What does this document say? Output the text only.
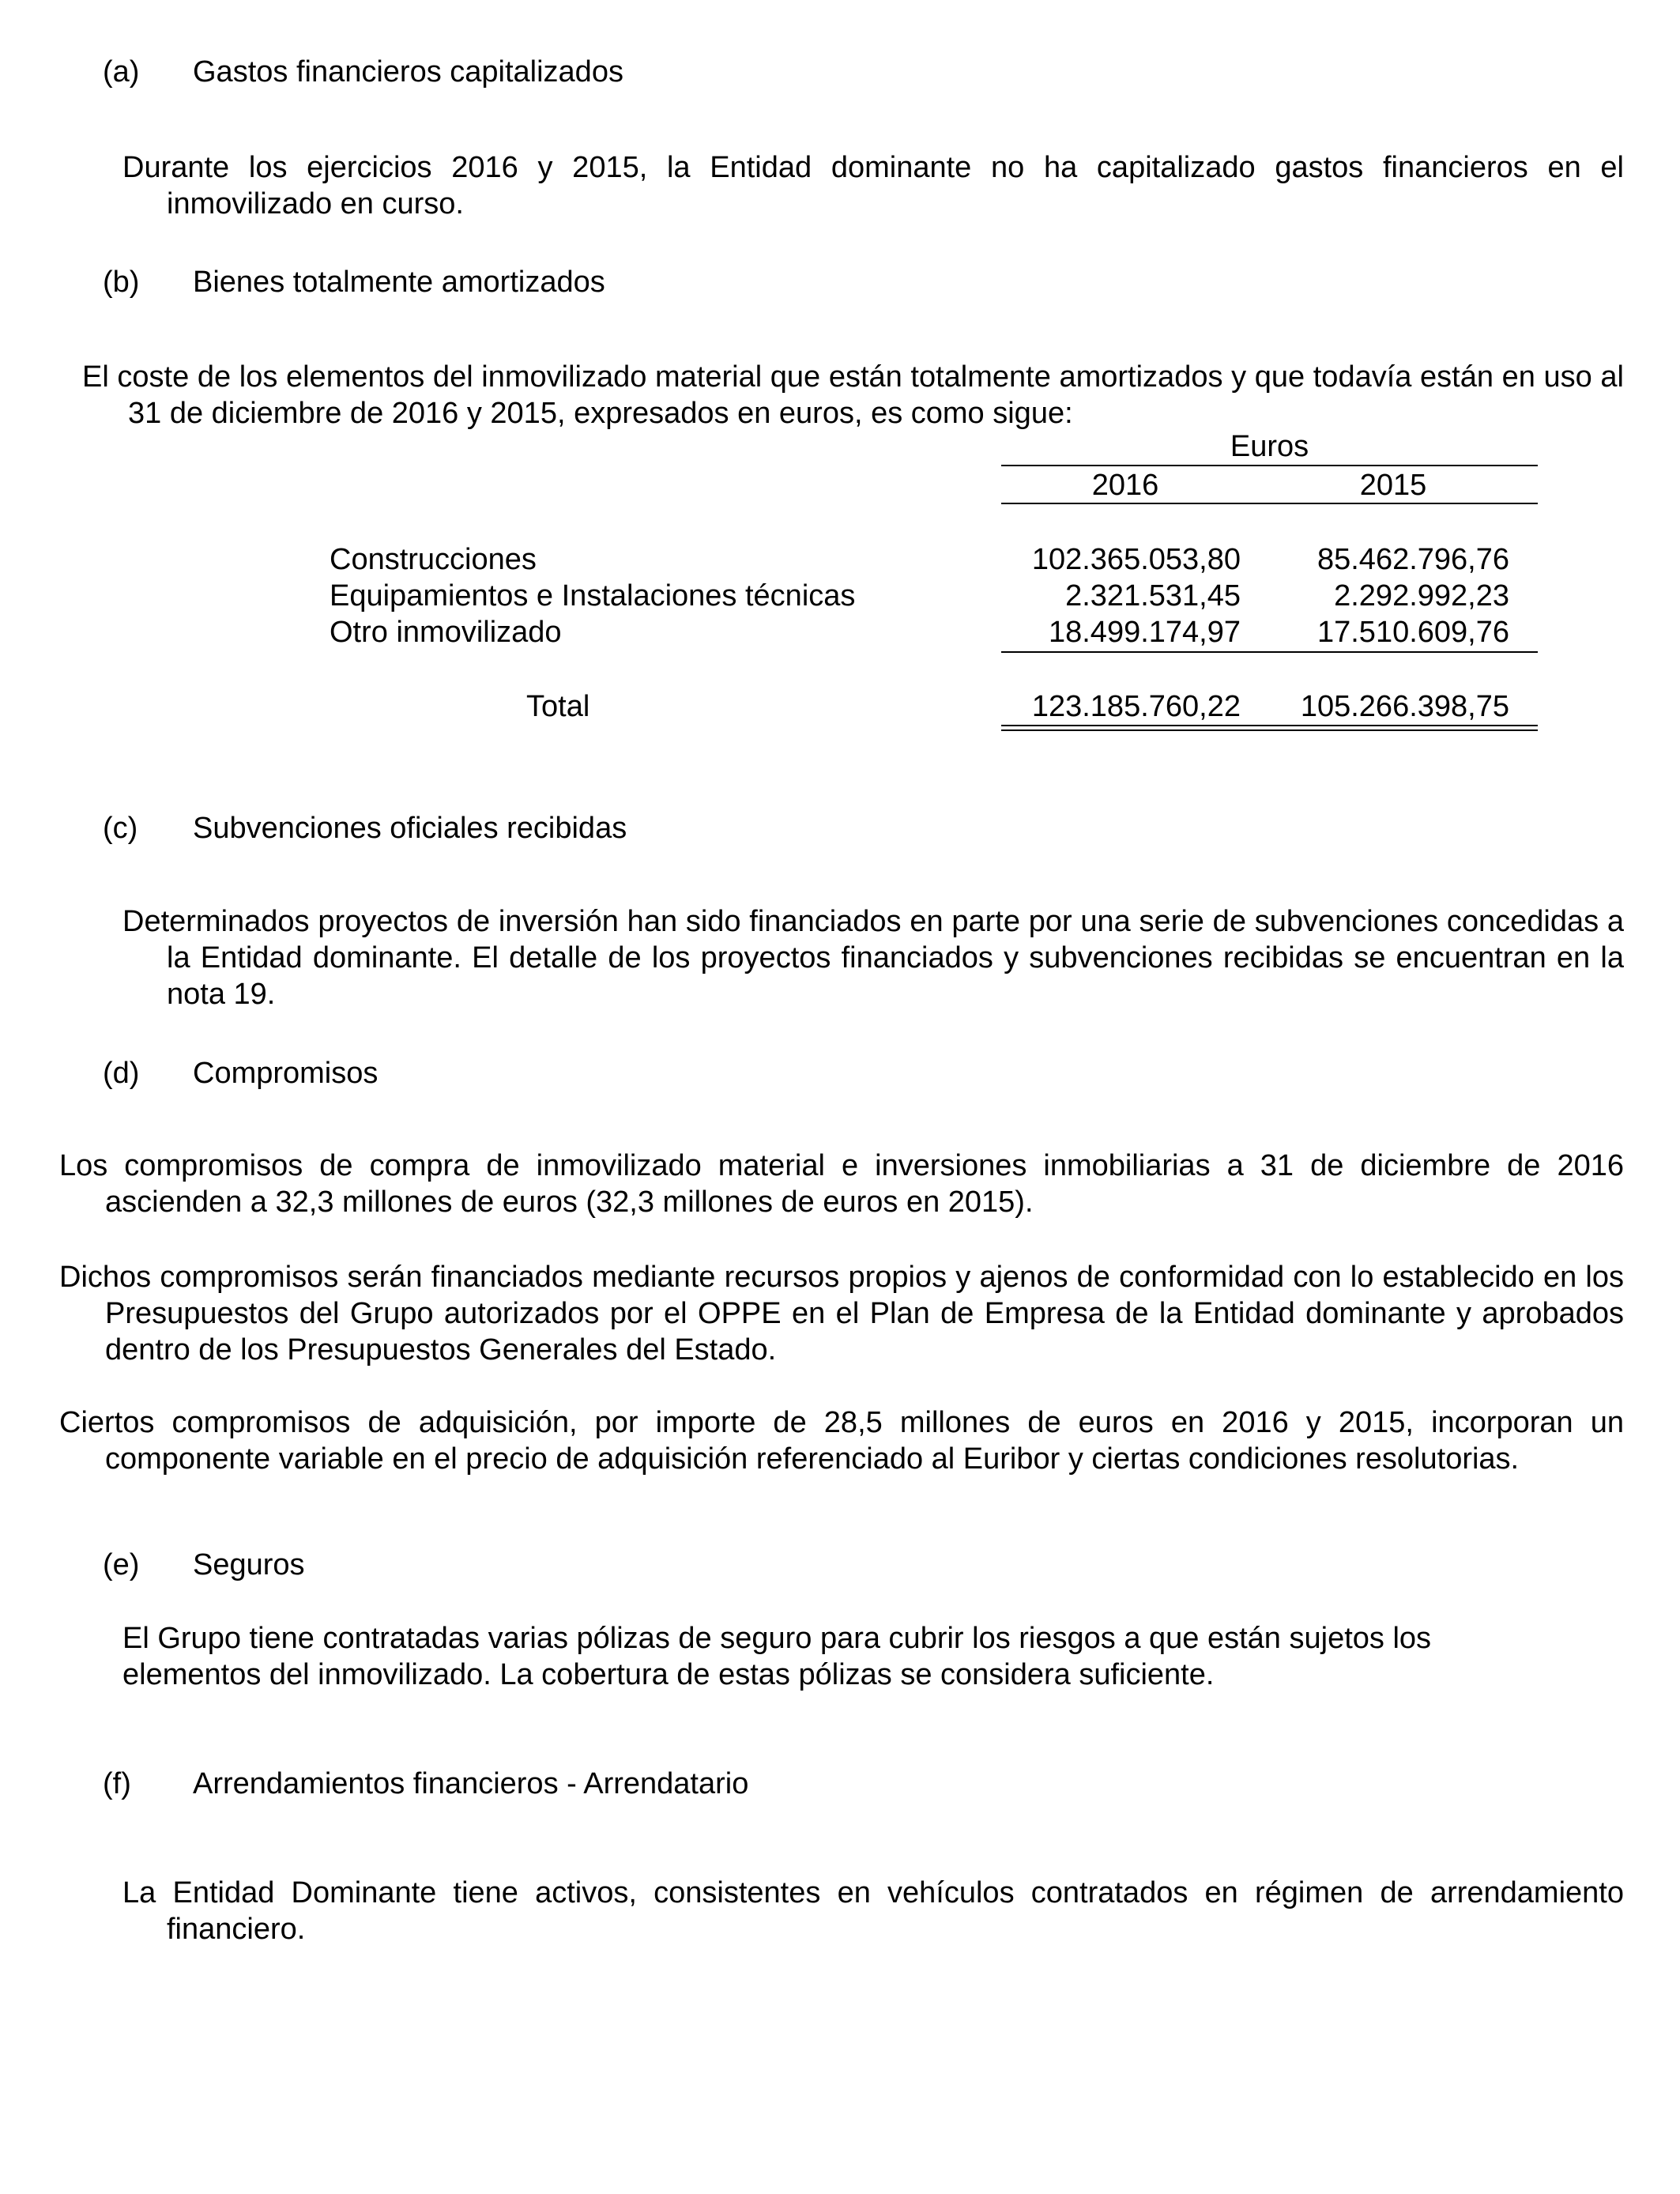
(a) Gastos financieros capitalizados
Durante los ejercicios 2016 y 2015, la Entidad dominante no ha capitalizado gastos financieros en el inmovilizado en curso.
(b) Bienes totalmente amortizados
El coste de los elementos del inmovilizado material que están totalmente amortizados y que todavía están en uso al 31 de diciembre de 2016 y 2015, expresados en euros, es como sigue:
Euros
2016	2015
Construcciones	102.365.053,80	85.462.796,76
Equipamientos e Instalaciones técnicas	2.321.531,45	2.292.992,23
Otro inmovilizado	18.499.174,97	17.510.609,76
Total	123.185.760,22	105.266.398,75
(c) Subvenciones oficiales recibidas
Determinados proyectos de inversión han sido financiados en parte por una serie de subvenciones concedidas a la Entidad dominante. El detalle de los proyectos financiados y subvenciones recibidas se encuentran en la nota 19.
(d) Compromisos
Los compromisos de compra de inmovilizado material e inversiones inmobiliarias a 31 de diciembre de 2016 ascienden a 32,3 millones de euros (32,3 millones de euros en 2015).
Dichos compromisos serán financiados mediante recursos propios y ajenos de conformidad con lo establecido en los Presupuestos del Grupo autorizados por el OPPE en el Plan de Empresa de la Entidad dominante y aprobados dentro de los Presupuestos Generales del Estado.
Ciertos compromisos de adquisición, por importe de 28,5 millones de euros en 2016 y 2015, incorporan un componente variable en el precio de adquisición referenciado al Euribor y ciertas condiciones resolutorias.
(e) Seguros
El Grupo tiene contratadas varias pólizas de seguro para cubrir los riesgos a que están sujetos los elementos del inmovilizado. La cobertura de estas pólizas se considera suficiente.
(f) Arrendamientos financieros - Arrendatario
La Entidad Dominante tiene activos, consistentes en vehículos contratados en régimen de arrendamiento financiero.
